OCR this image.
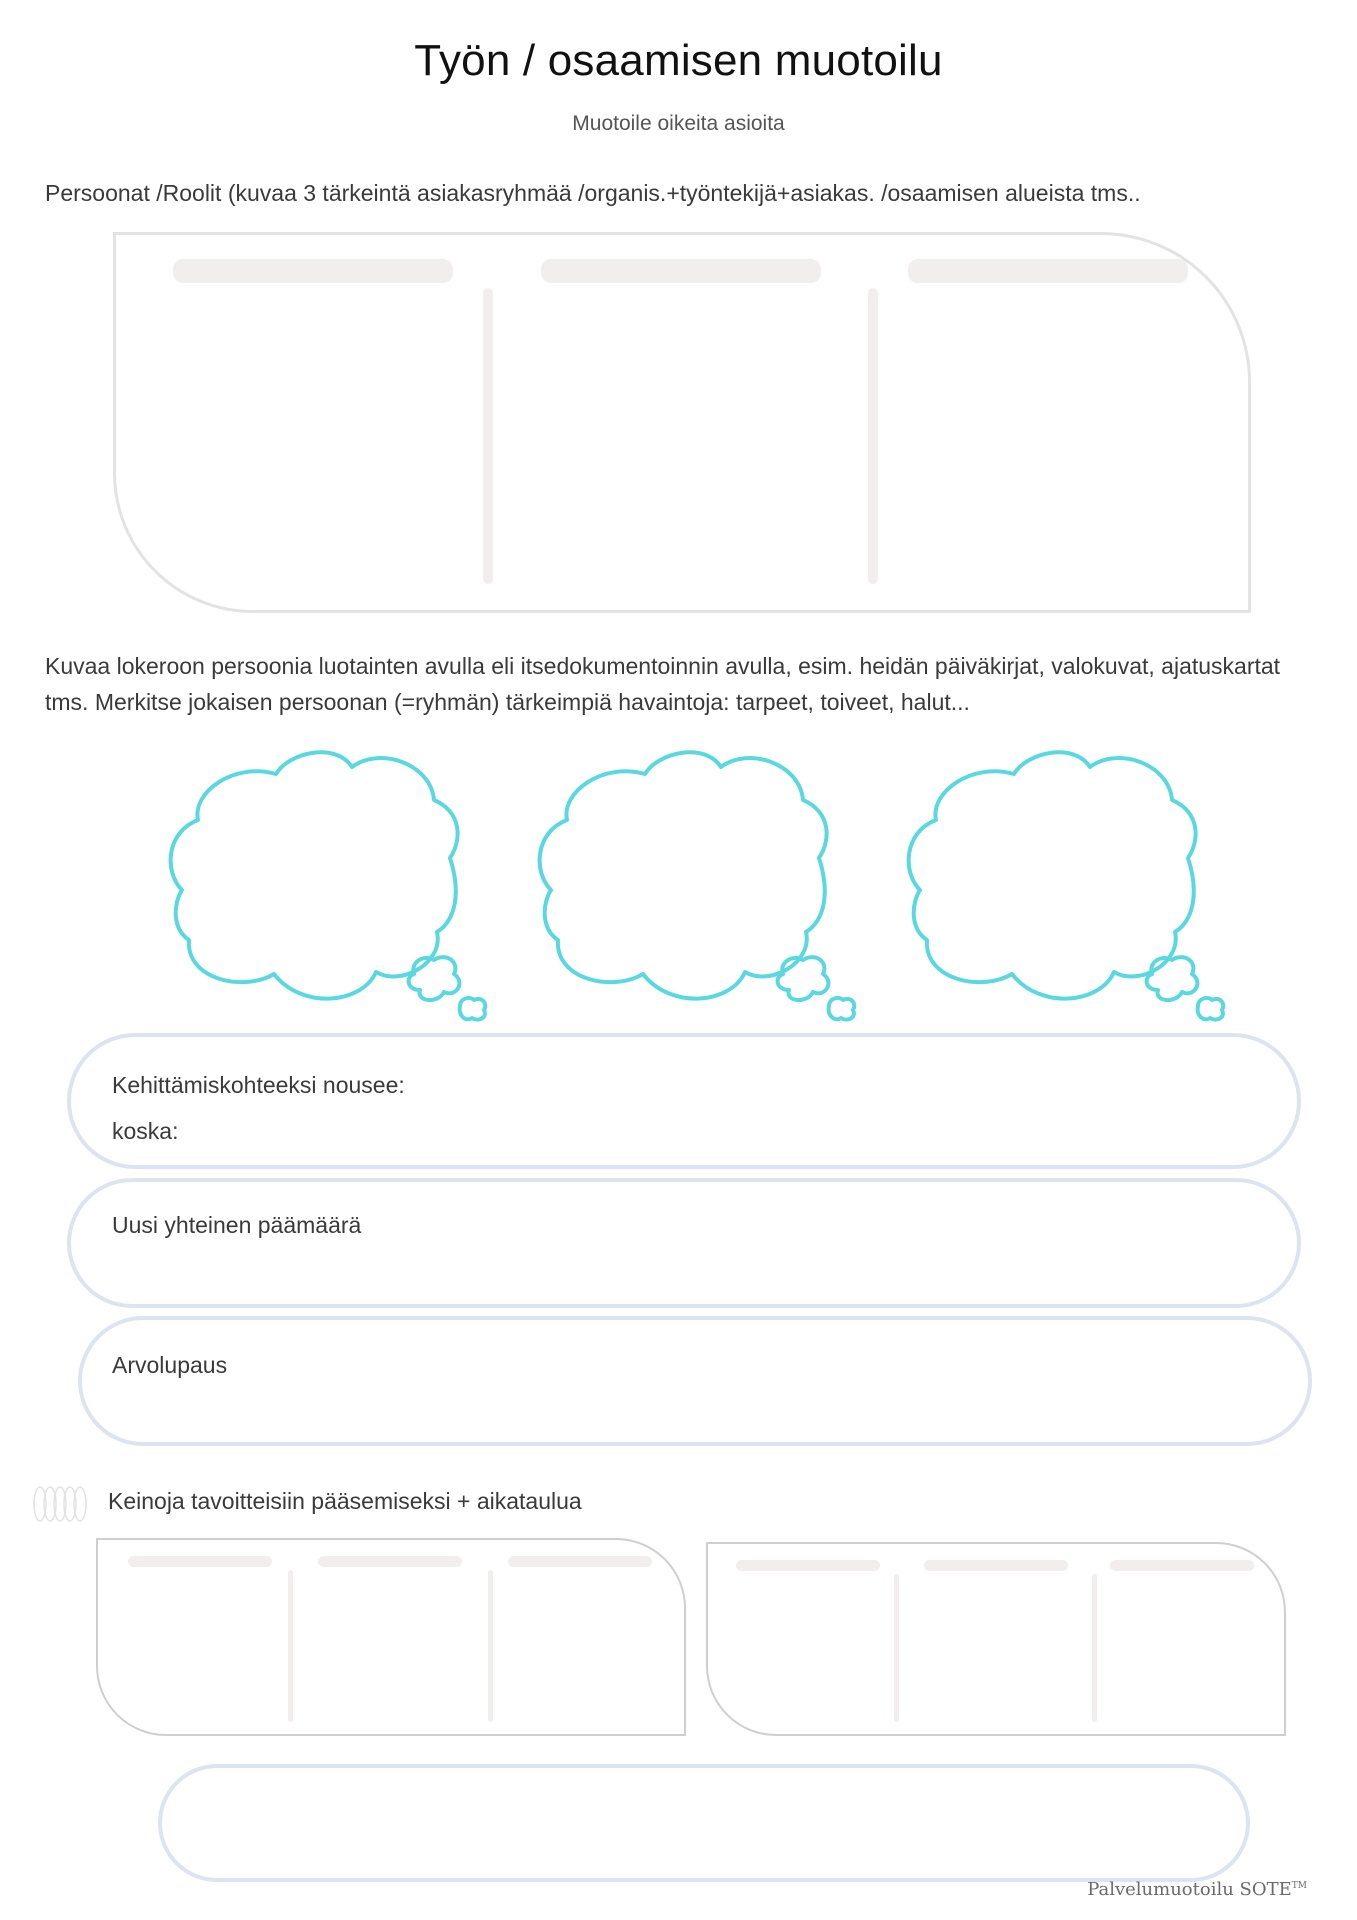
Työn / osaamisen muotoilu
Muotoile oikeita asioita
Persoonat /Roolit (kuvaa 3 tärkeintä asiakasryhmää /organis.+työntekijä+asiakas. /osaamisen alueista tms..
Kuvaa lokeroon persoonia luotainten avulla eli itsedokumentoinnin avulla, esim. heidän päiväkirjat, valokuvat, ajatuskartat tms. Merkitse jokaisen persoonan (=ryhmän) tärkeimpiä havaintoja: tarpeet, toiveet, halut...
Kehittämiskohteeksi nousee:
koska:
Uusi yhteinen päämäärä
Arvolupaus
Keinoja tavoitteisiin pääsemiseksi + aikataulua
Palvelumuotoilu SOTE™
